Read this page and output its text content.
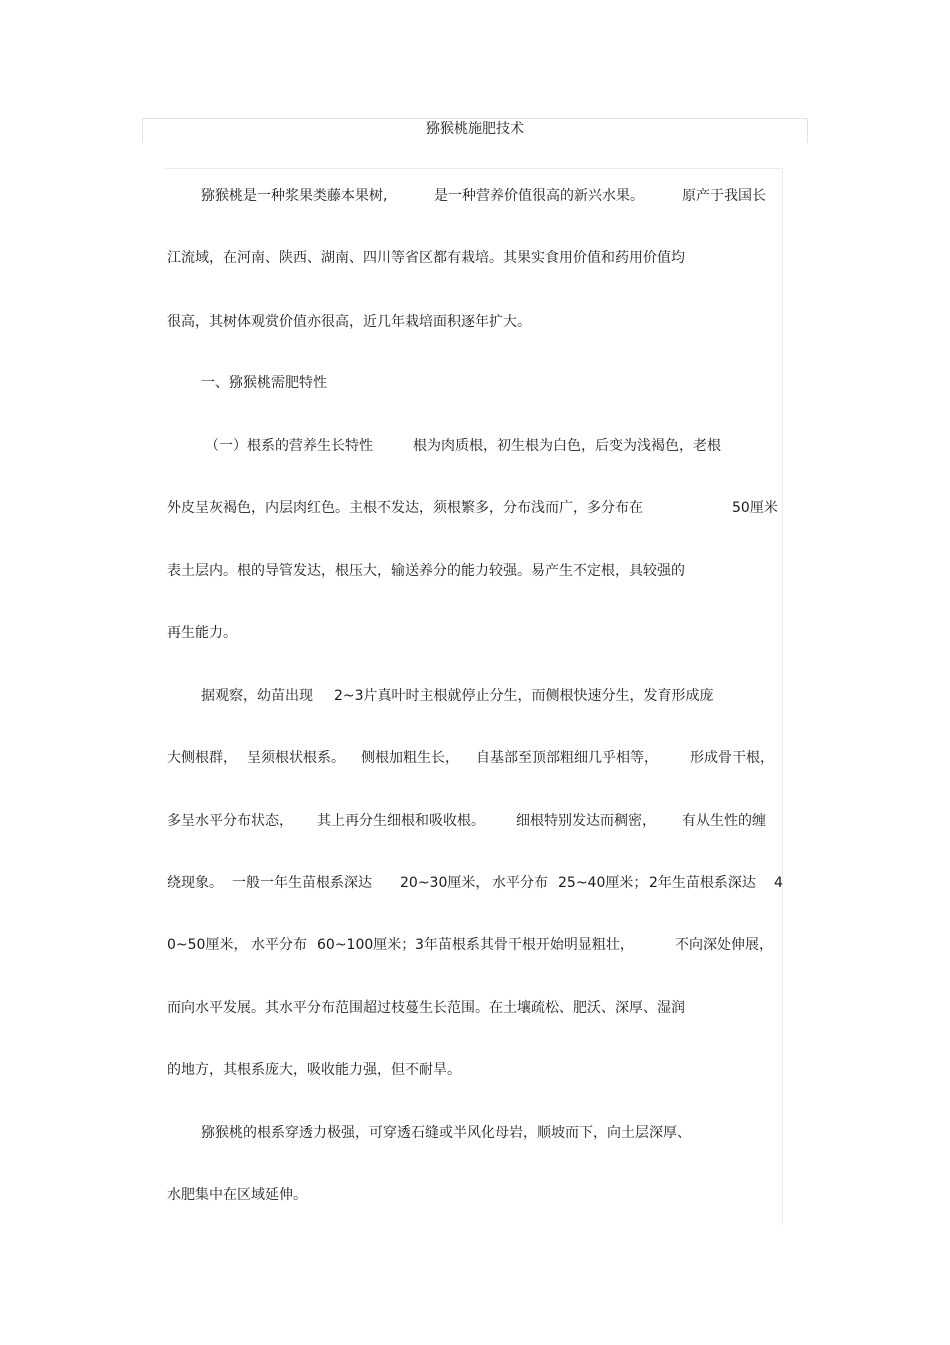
猕猴桃施肥技术
猕猴桃是一种浆果类藤本果树,	是一种营养价值很高的新兴水果。	原产于我国长
江流域，在河南、陕西、湖南、四川等省区都有栽培。其果实食用价值和药用价值均
很高，其树体观赏价值亦很高，近几年栽培面积逐年扩大。
一、猕猴桃需肥特性
（一）根系的营养生长特性	根为肉质根，初生根为白色，后变为浅褐色，老根
外皮呈灰褐色，内层肉红色。主根不发达，须根繁多，分布浅而广，多分布在	50厘米
表土层内。根的导管发达，根压大，输送养分的能力较强。易产生不定根，具较强的
再生能力。
据观察，幼苗出现 2~3片真叶时主根就停止分生，而侧根快速分生，发育形成庞
大侧根群， 呈须根状根系。 侧根加粗生长， 自基部至顶部粗细几乎相等， 形成骨干根，
多呈水平分布状态， 其上再分生细根和吸收根。 细根特别发达而稠密， 有从生性的缠
绕现象。 一般一年生苗根系深达 20~30厘米， 水平分布 25~40厘米； 2年生苗根系深达 4
0~50厘米， 水平分布 60~100厘米； 3年苗根系其骨干根开始明显粗壮，	不向深处伸展，
而向水平发展。其水平分布范围超过枝蔓生长范围。在土壤疏松、肥沃、深厚、湿润
的地方，其根系庞大，吸收能力强，但不耐旱。
猕猴桃的根系穿透力极强，可穿透石缝或半风化母岩，顺坡而下，向土层深厚、
水肥集中在区域延伸。
